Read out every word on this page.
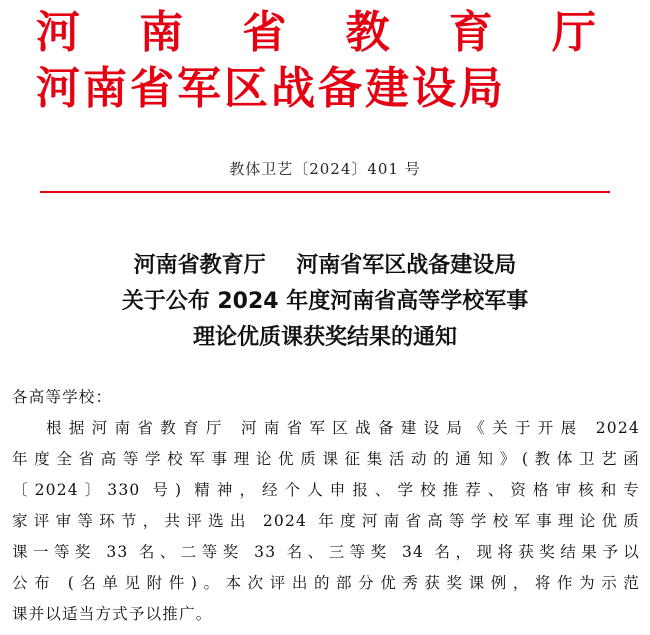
河 南 省 教 育 厅
河南省军区战备建设局
教体卫艺〔2024〕401 号
河南省教育厅    河南省军区战备建设局
关于公布 2024 年度河南省高等学校军事
理论优质课获奖结果的通知
各高等学校：
根据河南省教育厅 河南省军区战备建设局《关于开展 2024
年度全省高等学校军事理论优质课征集活动的通知》(教体卫艺函
〔2024〕330 号) 精神，经个人申报、学校推荐、资格审核和专
家评审等环节，共评选出 2024 年度河南省高等学校军事理论优质
课一等奖 33 名、二等奖 33 名、三等奖 34 名，现将获奖结果予以
公布 (名单见附件)。本次评出的部分优秀获奖课例，将作为示范
课并以适当方式予以推广。
